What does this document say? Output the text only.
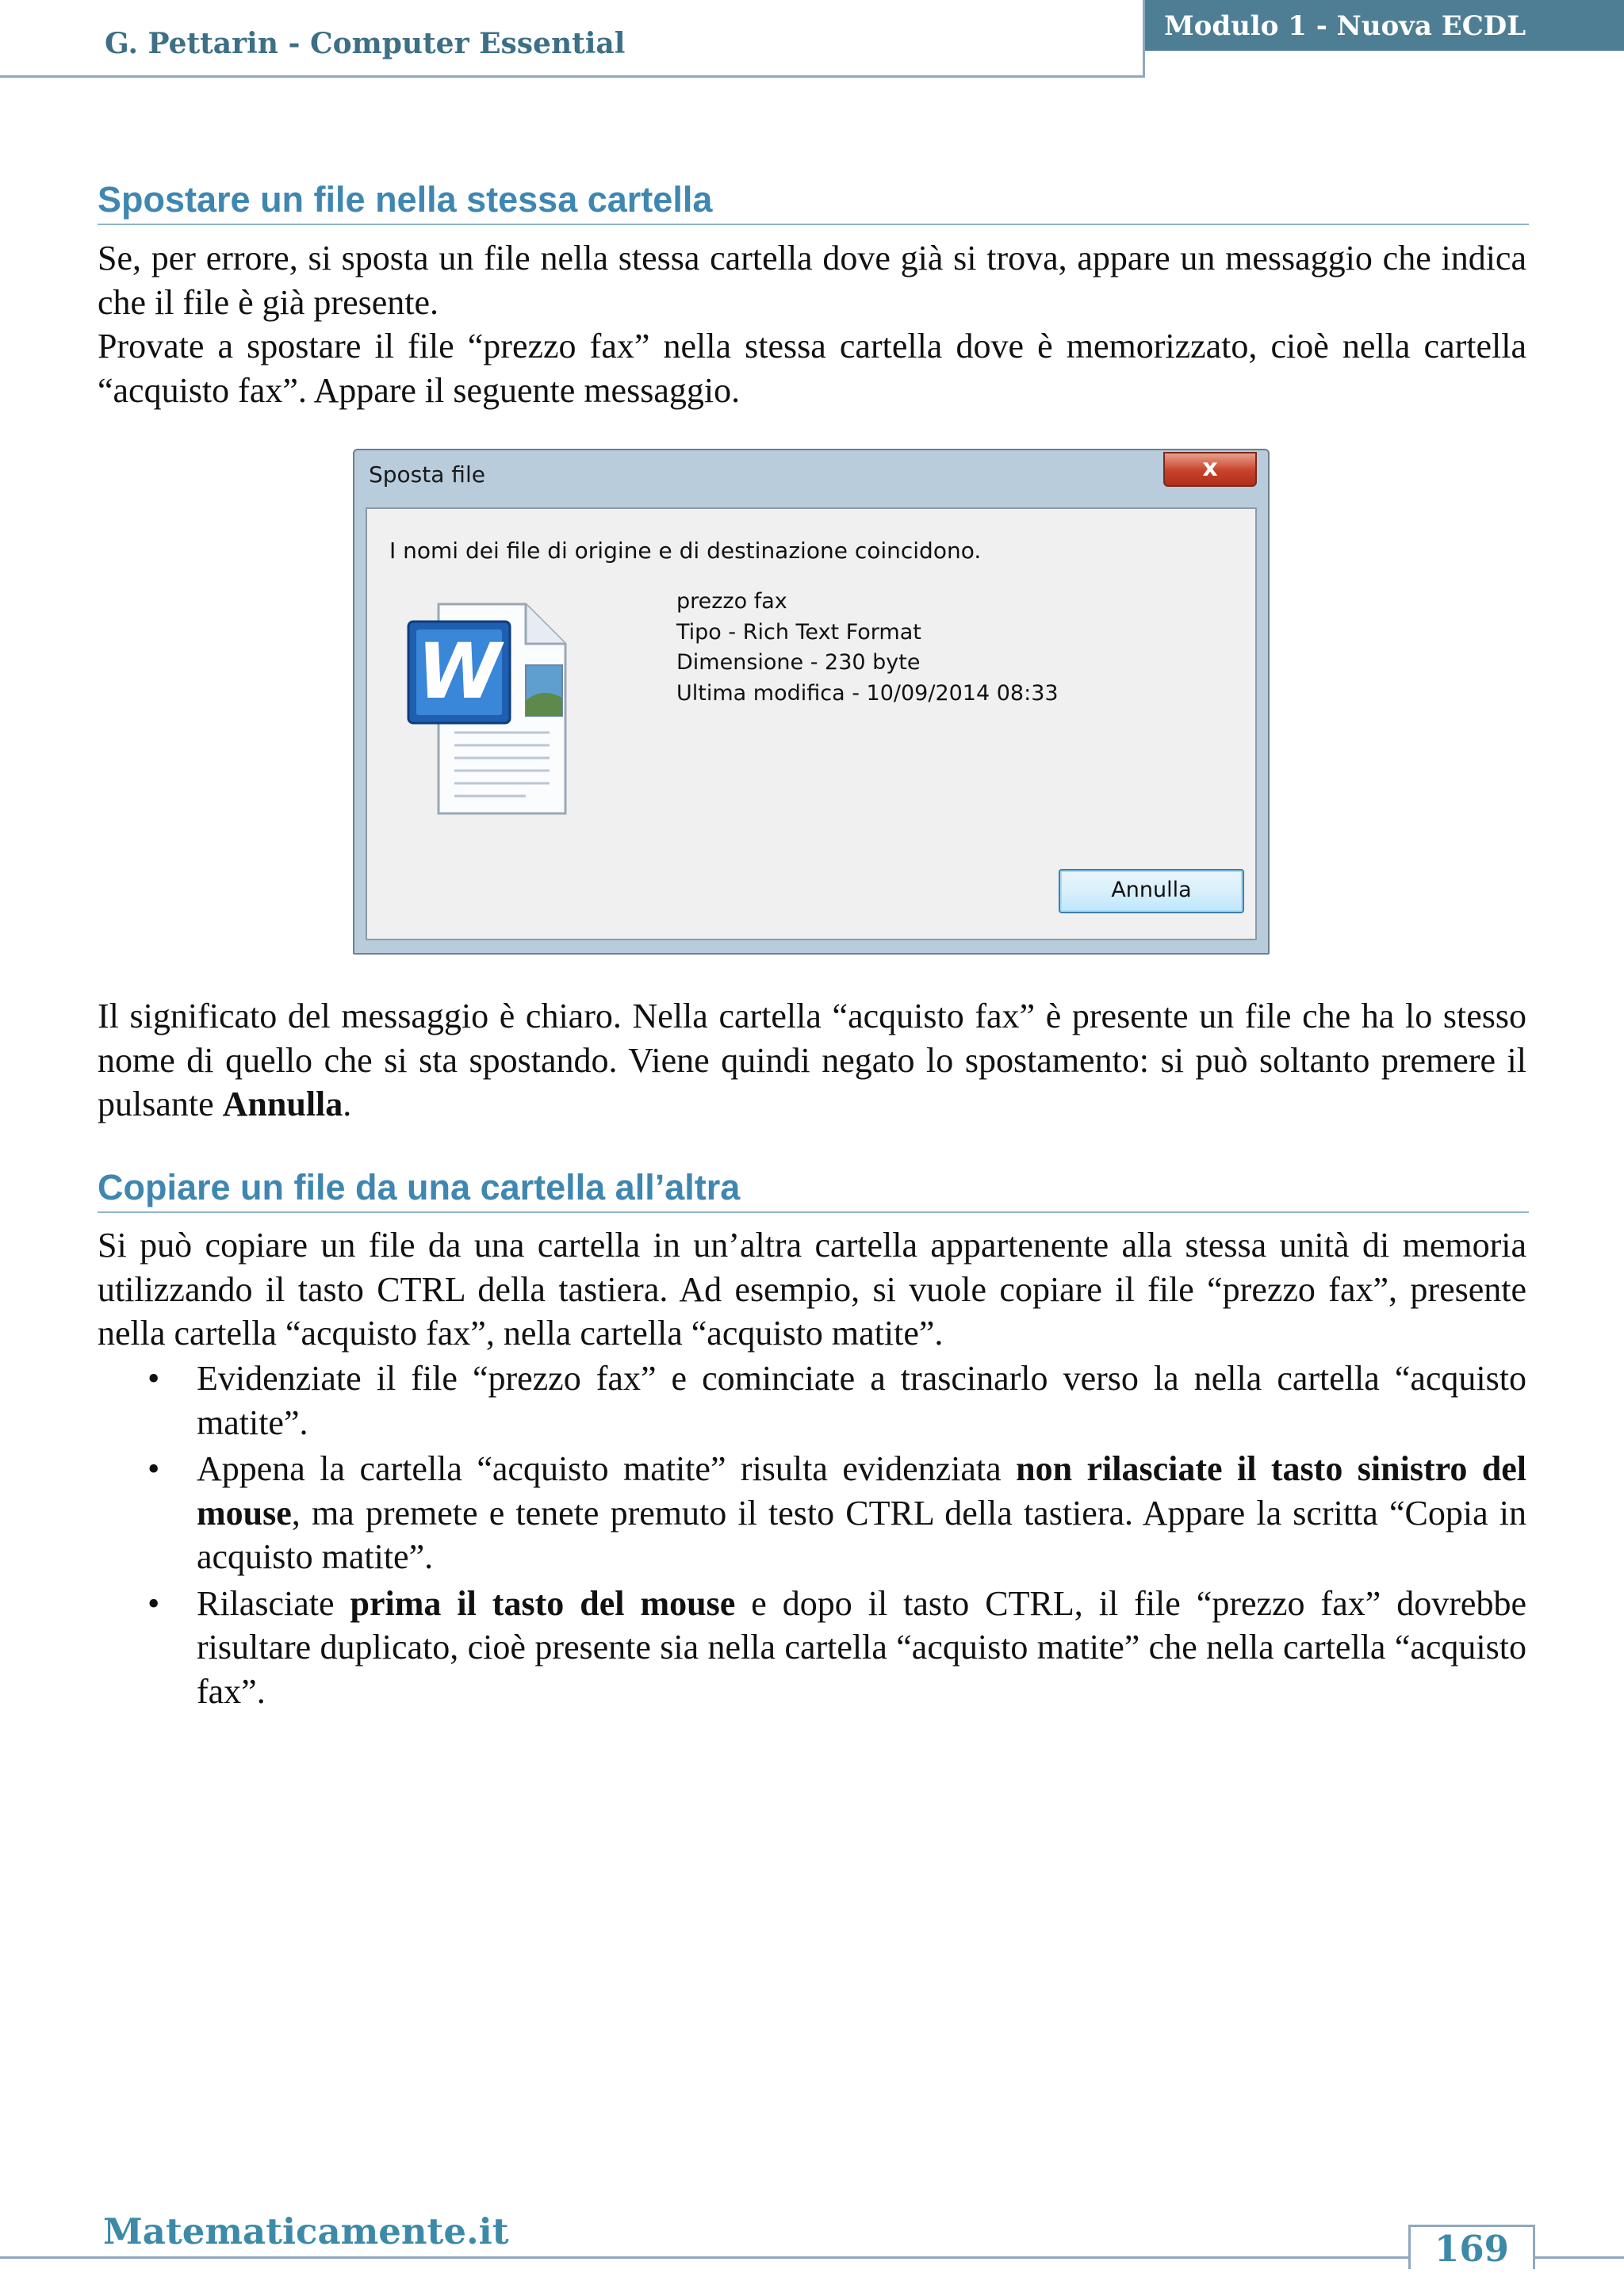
G. Pettarin - Computer Essential
Modulo 1 - Nuova ECDL
Spostare un file nella stessa cartella
Se, per errore, si sposta un file nella stessa cartella dove già si trova, appare un messaggio che indica che il file è già presente.
Provate a spostare il file “prezzo fax” nella stessa cartella dove è memorizzato, cioè nella cartella “acquisto fax”. Appare il seguente messaggio.
Sposta file	x
I nomi dei file di origine e di destinazione coincidono.
W
prezzo fax
Tipo - Rich Text Format
Dimensione - 230 byte
Ultima modifica - 10/09/2014 08:33
Annulla
Il significato del messaggio è chiaro. Nella cartella “acquisto fax” è presente un file che ha lo stesso nome di quello che si sta spostando. Viene quindi negato lo spostamento: si può soltanto premere il pulsante Annulla.
Copiare un file da una cartella all’altra
Si può copiare un file da una cartella in un’altra cartella appartenente alla stessa unità di memoria utilizzando il tasto CTRL della tastiera. Ad esempio, si vuole copiare il file “prezzo fax”, presente nella cartella “acquisto fax”, nella cartella “acquisto matite”.
• Evidenziate il file “prezzo fax” e cominciate a trascinarlo verso la nella cartella “acquisto matite”.
• Appena la cartella “acquisto matite” risulta evidenziata non rilasciate il tasto sinistro del mouse, ma premete e tenete premuto il testo CTRL della tastiera. Appare la scritta “Copia in acquisto matite”.
• Rilasciate prima il tasto del mouse e dopo il tasto CTRL, il file “prezzo fax” dovrebbe risultare duplicato, cioè presente sia nella cartella “acquisto matite” che nella cartella “acquisto fax”.
Matematicamente.it	169
